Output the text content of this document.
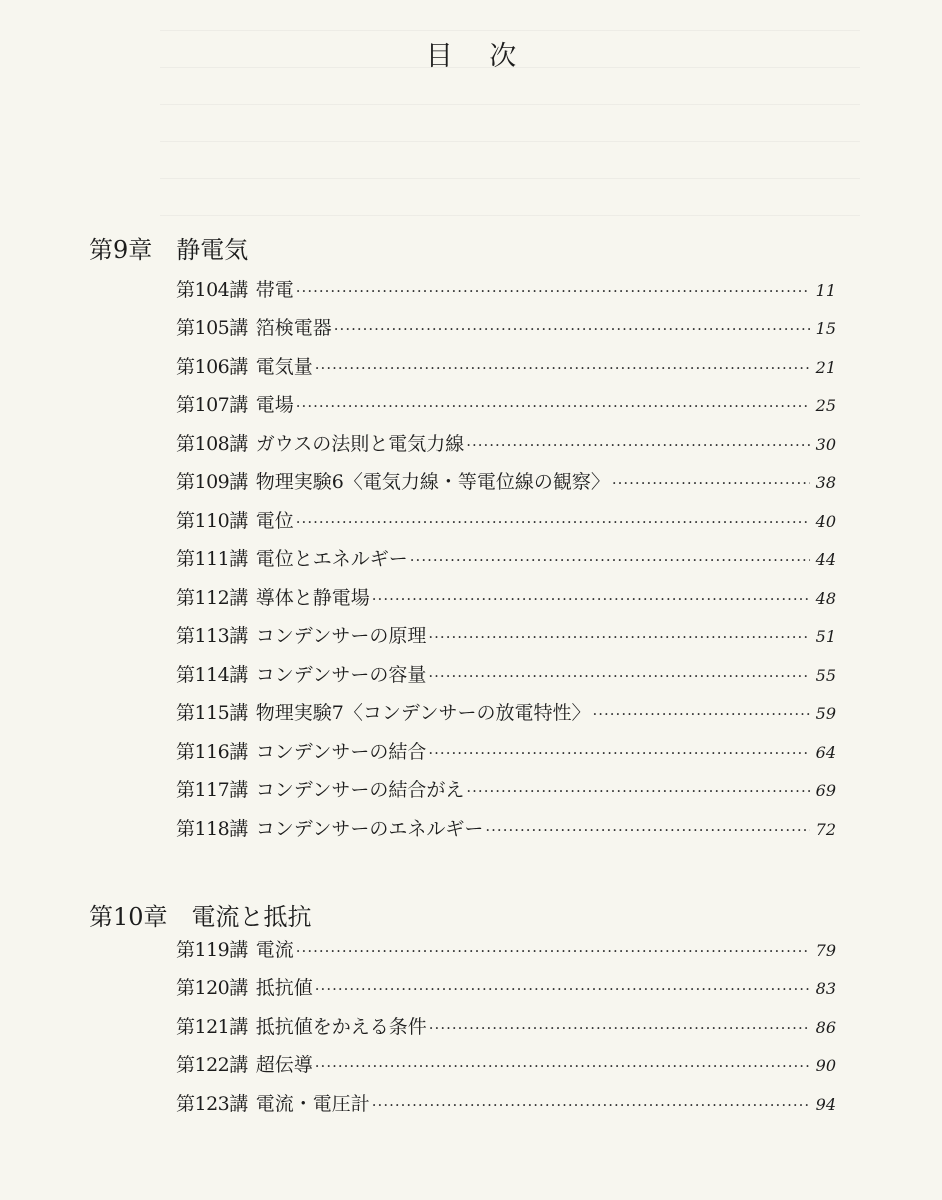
目 次
第9章 静電気
第104講 帯電 ·····	11
第105講 箔検電器 ·····	15
第106講 電気量 ·····	21
第107講 電場 ·····	25
第108講 ガウスの法則と電気力線 ·····	30
第109講 物理実験6〈電気力線・等電位線の観察〉 ·····	38
第110講 電位 ·····	40
第111講 電位とエネルギー ·····	44
第112講 導体と静電場 ·····	48
第113講 コンデンサーの原理 ·····	51
第114講 コンデンサーの容量 ·····	55
第115講 物理実験7〈コンデンサーの放電特性〉 ·····	59
第116講 コンデンサーの結合 ·····	64
第117講 コンデンサーの結合がえ ·····	69
第118講 コンデンサーのエネルギー ·····	72
第10章 電流と抵抗
第119講 電流 ·····	79
第120講 抵抗値 ·····	83
第121講 抵抗値をかえる条件 ·····	86
第122講 超伝導 ·····	90
第123講 電流・電圧計 ·····	94
